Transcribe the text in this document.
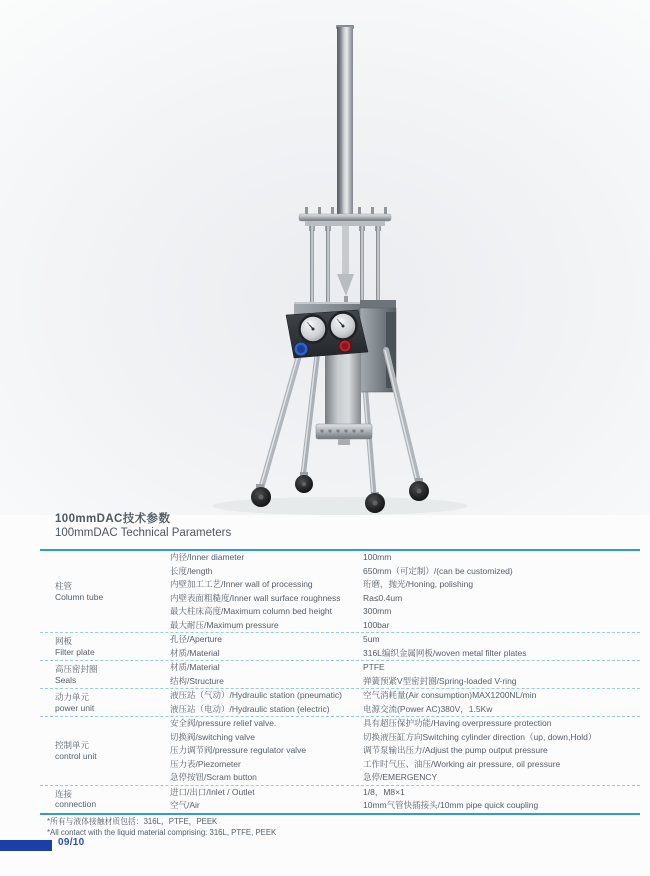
100mmDAC技术参数
100mmDAC Technical Parameters
柱管
Column tube
内径/Inner diameter	100mm
长度/length	650mm（可定制）/(can be customized)
内壁加工工艺/Inner wall of processing	珩磨，抛光/Honing, polishing
内壁表面粗糙度/Inner wall surface roughness	Ra≤0.4um
最大柱床高度/Maximum column bed height	300mm
最大耐压/Maximum pressure	100bar
网板
Filter plate
孔径/Aperture	5um
材质/Material	316L编织金属网板/woven metal filter plates
高压密封圈
Seals
材质/Material	PTFE
结构/Structure	弹簧预紧V型密封圈/Spring-loaded V-ring
动力单元
power unit
液压站（气动）/Hydraulic station (pneumatic)	空气消耗量(Air consumption)MAX1200NL/min
液压站（电动）/Hydraulic station (electric)	电源交流(Power AC)380V，1.5Kw
控制单元
control unit
安全阀/pressure relief valve.	具有超压保护功能/Having overpressure protection
切换阀/switching valve	切换液压缸方向Switching cylinder direction（up, down,Hold）
压力调节阀/pressure regulator valve	调节泵输出压力/Adjust the pump output pressure
压力表/Piezometer	工作时气压、油压/Working air pressure, oil pressure
急停按钮/Scram button	急停/EMERGENCY
连接
connection
进口/出口/Inlet / Outlet	1/8，M8×1
空气/Air	10mm气管快插接头/10mm pipe quick coupling
*所有与液体接触材质包括：316L，PTFE，PEEK
*All contact with the liquid material comprising: 316L, PTFE, PEEK
09/10
